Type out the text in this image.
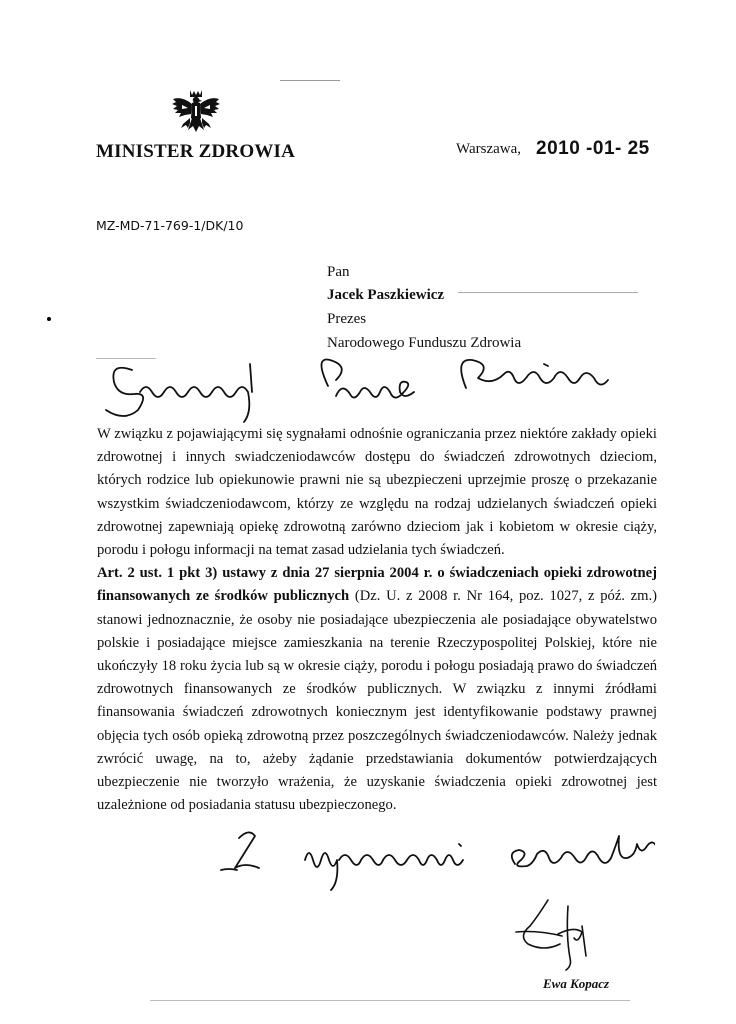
MINISTER ZDROWIA	Warszawa, 2010 -01- 25
MZ-MD-71-769-1/DK/10
Pan
Jacek Paszkiewicz
Prezes
Narodowego Funduszu Zdrowia

W związku z pojawiającymi się sygnałami odnośnie ograniczania przez niektóre zakłady opieki zdrowotnej i innych swiadczeniodawców dostępu do świadczeń zdrowotnych dzieciom, których rodzice lub opiekunowie prawni nie są ubezpieczeni uprzejmie proszę o przekazanie wszystkim świadczeniodawcom, którzy ze względu na rodzaj udzielanych świadczeń opieki zdrowotnej zapewniają opiekę zdrowotną zarówno dzieciom jak i kobietom w okresie ciąży, porodu i połogu informacji na temat zasad udzielania tych świadczeń.

Art. 2 ust. 1 pkt 3) ustawy z dnia 27 sierpnia 2004 r. o świadczeniach opieki zdrowotnej finansowanych ze środków publicznych (Dz. U. z 2008 r. Nr 164, poz. 1027, z póź. zm.) stanowi jednoznacznie, że osoby nie posiadające ubezpieczenia ale posiadające obywatelstwo polskie i posiadające miejsce zamieszkania na terenie Rzeczypospolitej Polskiej, które nie ukończyły 18 roku życia lub są w okresie ciąży, porodu i połogu posiadają prawo do świadczeń zdrowotnych finansowanych ze środków publicznych. W związku z innymi źródłami finansowania świadczeń zdrowotnych koniecznym jest identyfikowanie podstawy prawnej objęcia tych osób opieką zdrowotną przez poszczególnych świadczeniodawców. Należy jednak zwrócić uwagę, na to, ażeby żądanie przedstawiania dokumentów potwierdzających ubezpieczenie nie tworzyło wrażenia, że uzyskanie świadczenia opieki zdrowotnej jest uzależnione od posiadania statusu ubezpieczonego.

Ewa Kopacz
